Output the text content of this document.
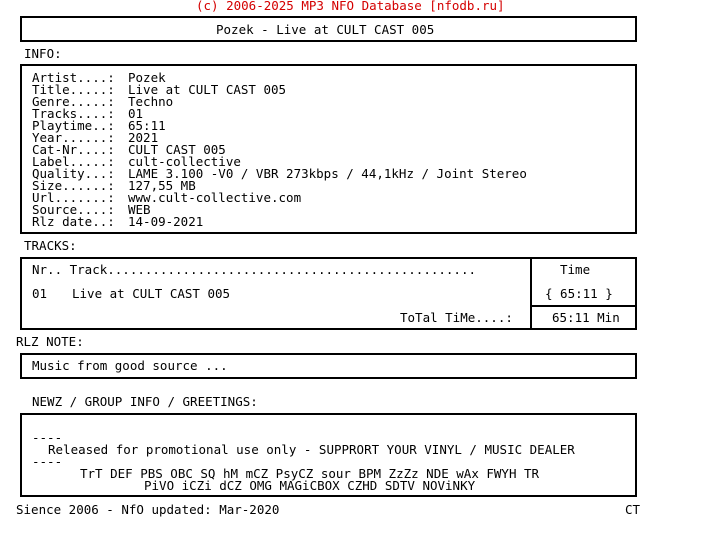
(c) 2006-2025 MP3 NFO Database [nfodb.ru]
Pozek - Live at CULT CAST 005
INFO:
Artist....: Pozek
Title.....: Live at CULT CAST 005
Genre.....: Techno
Tracks....: 01
Playtime..: 65:11
Year......: 2021
Cat-Nr....: CULT CAST 005
Label.....: cult-collective
Quality...: LAME 3.100 -V0 / VBR 273kbps / 44,1kHz / Joint Stereo
Size......: 127,55 MB
Url.......: www.cult-collective.com
Source....: WEB
Rlz date..: 14-09-2021
TRACKS:
Nr.. Track.................................................	Time
01 Live at CULT CAST 005	{ 65:11 }
ToTal TiMe....:	65:11 Min
RLZ NOTE:
Music from good source ...
NEWZ / GROUP INFO / GREETINGS:
----
Released for promotional use only - SUPPRORT YOUR VINYL / MUSIC DEALER
----
TrT DEF PBS OBC SQ hM mCZ PsyCZ sour BPM ZzZz NDE wAx FWYH TR
PiVO iCZi dCZ OMG MAGiCBOX CZHD SDTV NOViNKY
Sience 2006 - NfO updated: Mar-2020	CT
